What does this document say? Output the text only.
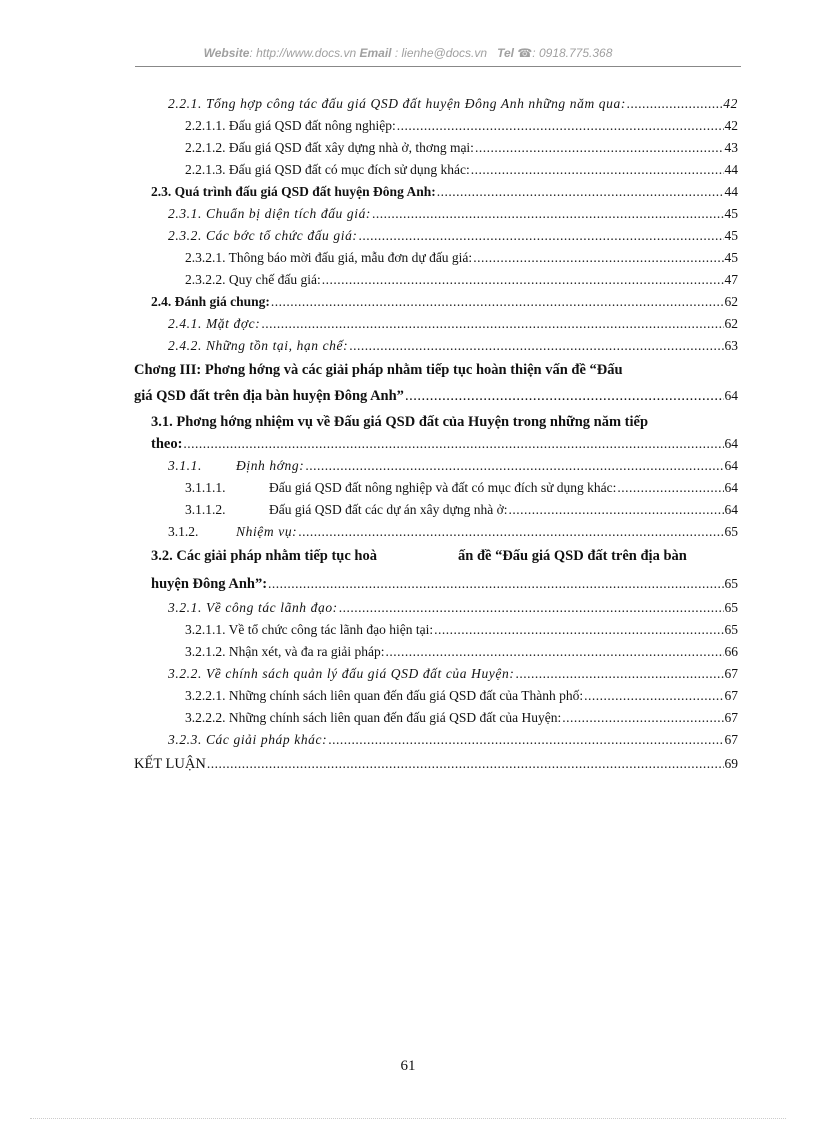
Website: http://www.docs.vn Email : lienhe@docs.vn Tel ☎: 0918.775.368
2.2.1. Tổng hợp công tác đấu giá QSD đất huyện Đông Anh những năm qua: .....	42
2.2.1.1. Đấu giá QSD đất nông nghiệp: .....	42
2.2.1.2. Đấu giá QSD đất xây dựng nhà ở, thơng mại: .....	43
2.2.1.3. Đấu giá QSD đất có mục đích sử dụng khác: .....	44
2.3. Quá trình đấu giá QSD đất huyện Đông Anh: .....	44
2.3.1. Chuẩn bị diện tích đấu giá: .....	45
2.3.2. Các bớc tổ chức đấu giá: .....	45
2.3.2.1. Thông báo mời đấu giá, mẫu đơn dự đấu giá: .....	45
2.3.2.2. Quy chế đấu giá: .....	47
2.4. Đánh giá chung: .....	62
2.4.1. Mặt đợc: .....	62
2.4.2. Những tồn tại, hạn chế: .....	63
Chơng III: Phơng hớng và các giải pháp nhằm tiếp tục hoàn thiện vấn đề “Đấu
giá QSD đất trên địa bàn huyện Đông Anh” .....	64
3.1. Phơng hớng nhiệm vụ về Đấu giá QSD đất của Huyện trong những năm tiếp
theo: .....	64
3.1.1.	Định hớng: .....	64
3.1.1.1.	Đấu giá QSD đất nông nghiệp và đất có mục đích sử dụng khác: .....	64
3.1.1.2.	Đấu giá QSD đất các dự án xây dựng nhà ở: .....	64
3.1.2.	Nhiệm vụ: .....	65
3.2. Các giải pháp nhằm tiếp tục hoà	ấn đề “Đấu giá QSD đất trên địa bàn
huyện Đông Anh”: .....	65
3.2.1. Về công tác lãnh đạo: .....	65
3.2.1.1. Về tổ chức công tác lãnh đạo hiện tại: .....	65
3.2.1.2. Nhận xét, và đa ra giải pháp: .....	66
3.2.2. Về chính sách quản lý đấu giá QSD đất của Huyện: .....	67
3.2.2.1. Những chính sách liên quan đến đấu giá QSD đất của Thành phố: .....	67
3.2.2.2. Những chính sách liên quan đến đấu giá QSD đất của Huyện: .....	67
3.2.3. Các giải pháp khác: .....	67
KẾT LUẬN .....	69
61
